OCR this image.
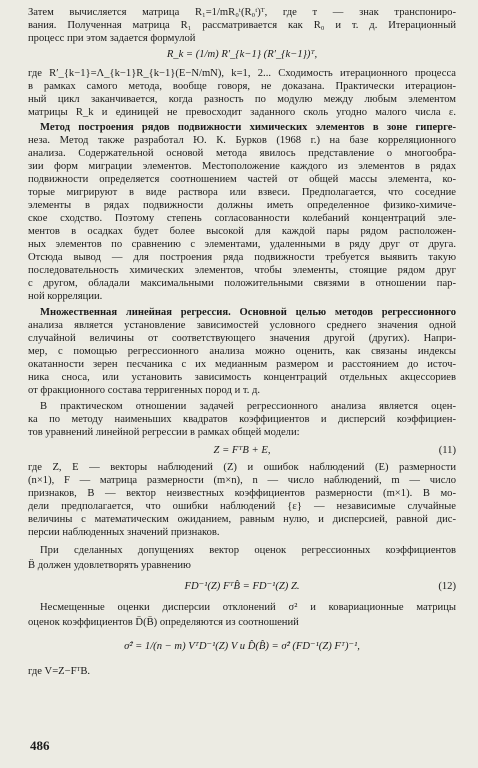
Затем вычисляется матрица R₁=1/mR₀ᵗ(R₀ᵗ)ᵀ, где т — знак транспониро-
вания. Полученная матрица R₁ рассматривается как R₀ и т. д. Итерационный
процесс при этом задается формулой
R_k = (1/m) R′_{k−1} (R′_{k−1})ᵀ,
где R′_{k−1}=Λ_{k−1}R_{k−1}(E−N/mN), k=1, 2... Сходимость итерационного процесса
в рамках самого метода, вообще говоря, не доказана. Практически итерацион-
ный цикл заканчивается, когда разность по модулю между любым элементом
матрицы R_k и единицей не превосходит заданного сколь угодно малого числа ε.
Метод построения рядов подвижности химических элементов в зоне гиперге-
неза. Метод также разработал Ю. К. Бурков (1968 г.) на базе корреляционного
анализа. Содержательной основой метода явилось представление о многообра-
зии форм миграции элементов. Местоположение каждого из элементов в рядах
подвижности определяется соотношением частей от общей массы элемента, ко-
торые мигрируют в виде раствора или взвеси. Предполагается, что соседние
элементы в рядах подвижности должны иметь определенное физико-химиче-
ское сходство. Поэтому степень согласованности колебаний концентраций эле-
ментов в осадках будет более высокой для каждой пары рядом расположен-
ных элементов по сравнению с элементами, удаленными в ряду друг от друга.
Отсюда вывод — для построения ряда подвижности требуется выявить такую
последовательность химических элементов, чтобы элементы, стоящие рядом друг
с другом, обладали максимальными положительными связями в отношении пар-
ной корреляции.
Множественная линейная регрессия. Основной целью методов регрессионного
анализа является установление зависимостей условного среднего значения одной
случайной величины от соответствующего значения другой (других). Напри-
мер, с помощью регрессионного анализа можно оценить, как связаны индексы
окатанности зерен песчаника с их медианным размером и расстоянием до источ-
ника сноса, или установить зависимость концентраций отдельных акцессориев
от фракционного состава терригенных пород и т. д.
В практическом отношении задачей регрессионного анализа является оцен-
ка по методу наименьших квадратов коэффициентов и дисперсий коэффициен-
тов уравнений линейной регрессии в рамках общей модели:
Z = FᵀB + E,	(11)
где Z, E — векторы наблюдений (Z) и ошибок наблюдений (E) размерности
(n×1), F — матрица размерности (m×n), n — число наблюдений, m — число
признаков, B — вектор неизвестных коэффициентов размерности (m×1). В мо-
дели предполагается, что ошибки наблюдений {ε} — независимые случайные
величины с математическим ожиданием, равным нулю, и дисперсией, равной дис-
персии наблюденных значений признаков.
При сделанных допущениях вектор оценок регрессионных коэффициентов
B̂ должен удовлетворять уравнению
FD⁻¹(Z) FᵀB̂ = FD⁻¹(Z) Z.	(12)
Несмещенные оценки дисперсии отклонений σ² и ковариационные матрицы
оценок коэффициентов D̂(B̂) определяются из соотношений
σ̂² = 1/(n − m) VᵀD⁻¹(Z) V и D̂(B̂) = σ̂² (FD⁻¹(Z) Fᵀ)⁻¹,
где V=Z−FᵀB.
486
